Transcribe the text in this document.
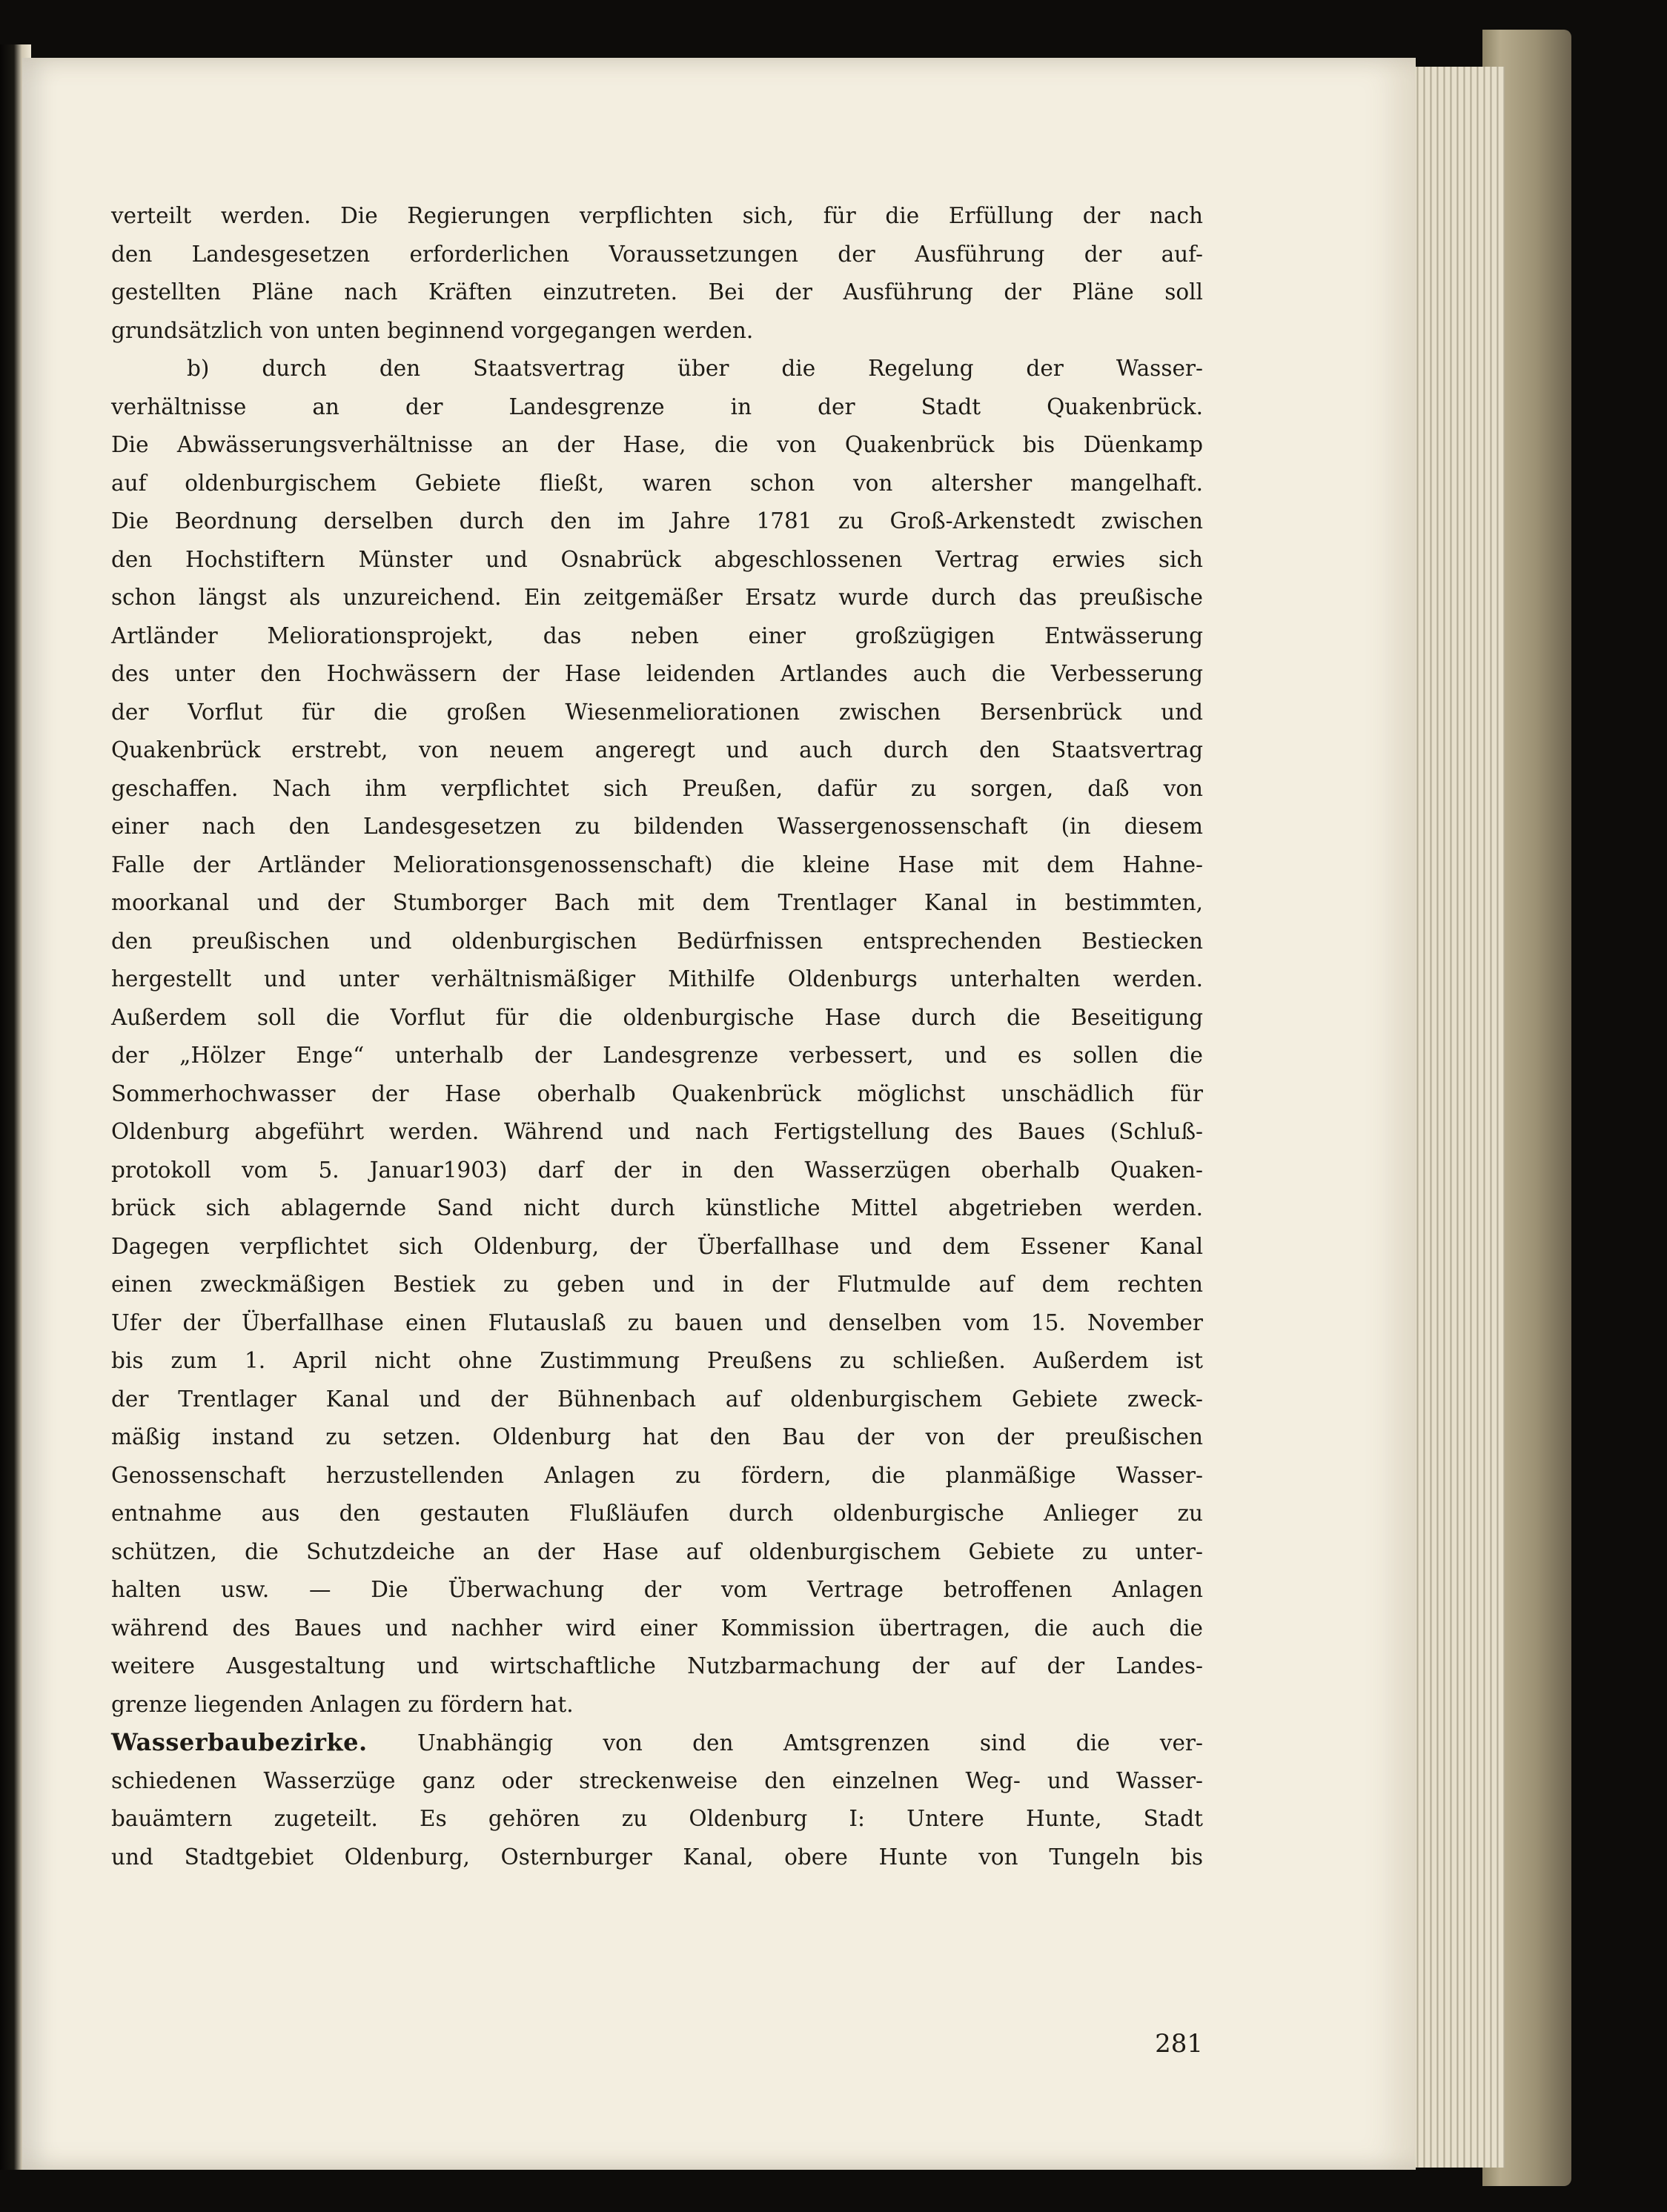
verteilt werden. Die Regierungen verpflichten sich, für die Erfüllung der nach
den Landesgesetzen erforderlichen Voraussetzungen der Ausführung der auf-
gestellten Pläne nach Kräften einzutreten. Bei der Ausführung der Pläne soll
grundsätzlich von unten beginnend vorgegangen werden.
b) durch den Staatsvertrag über die Regelung der Wasser-
verhältnisse an der Landesgrenze in der Stadt Quakenbrück.
Die Abwässerungsverhältnisse an der Hase, die von Quakenbrück bis Düenkamp
auf oldenburgischem Gebiete fließt, waren schon von altersher mangelhaft.
Die Beordnung derselben durch den im Jahre 1781 zu Groß-Arkenstedt zwischen
den Hochstiftern Münster und Osnabrück abgeschlossenen Vertrag erwies sich
schon längst als unzureichend. Ein zeitgemäßer Ersatz wurde durch das preußische
Artländer Meliorationsprojekt, das neben einer großzügigen Entwässerung
des unter den Hochwässern der Hase leidenden Artlandes auch die Verbesserung
der Vorflut für die großen Wiesenmeliorationen zwischen Bersenbrück und
Quakenbrück erstrebt, von neuem angeregt und auch durch den Staatsvertrag
geschaffen. Nach ihm verpflichtet sich Preußen, dafür zu sorgen, daß von
einer nach den Landesgesetzen zu bildenden Wassergenossenschaft (in diesem
Falle der Artländer Meliorationsgenossenschaft) die kleine Hase mit dem Hahne-
moorkanal und der Stumborger Bach mit dem Trentlager Kanal in bestimmten,
den preußischen und oldenburgischen Bedürfnissen entsprechenden Bestiecken
hergestellt und unter verhältnismäßiger Mithilfe Oldenburgs unterhalten werden.
Außerdem soll die Vorflut für die oldenburgische Hase durch die Beseitigung
der „Hölzer Enge“ unterhalb der Landesgrenze verbessert, und es sollen die
Sommerhochwasser der Hase oberhalb Quakenbrück möglichst unschädlich für
Oldenburg abgeführt werden. Während und nach Fertigstellung des Baues (Schluß-
protokoll vom 5. Januar1903) darf der in den Wasserzügen oberhalb Quaken-
brück sich ablagernde Sand nicht durch künstliche Mittel abgetrieben werden.
Dagegen verpflichtet sich Oldenburg, der Überfallhase und dem Essener Kanal
einen zweckmäßigen Bestiek zu geben und in der Flutmulde auf dem rechten
Ufer der Überfallhase einen Flutauslaß zu bauen und denselben vom 15. November
bis zum 1. April nicht ohne Zustimmung Preußens zu schließen. Außerdem ist
der Trentlager Kanal und der Bühnenbach auf oldenburgischem Gebiete zweck-
mäßig instand zu setzen. Oldenburg hat den Bau der von der preußischen
Genossenschaft herzustellenden Anlagen zu fördern, die planmäßige Wasser-
entnahme aus den gestauten Flußläufen durch oldenburgische Anlieger zu
schützen, die Schutzdeiche an der Hase auf oldenburgischem Gebiete zu unter-
halten usw. — Die Überwachung der vom Vertrage betroffenen Anlagen
während des Baues und nachher wird einer Kommission übertragen, die auch die
weitere Ausgestaltung und wirtschaftliche Nutzbarmachung der auf der Landes-
grenze liegenden Anlagen zu fördern hat.
Wasserbaubezirke. Unabhängig von den Amtsgrenzen sind die ver-
schiedenen Wasserzüge ganz oder streckenweise den einzelnen Weg- und Wasser-
bauämtern zugeteilt. Es gehören zu Oldenburg I: Untere Hunte, Stadt
und Stadtgebiet Oldenburg, Osternburger Kanal, obere Hunte von Tungeln bis
281
